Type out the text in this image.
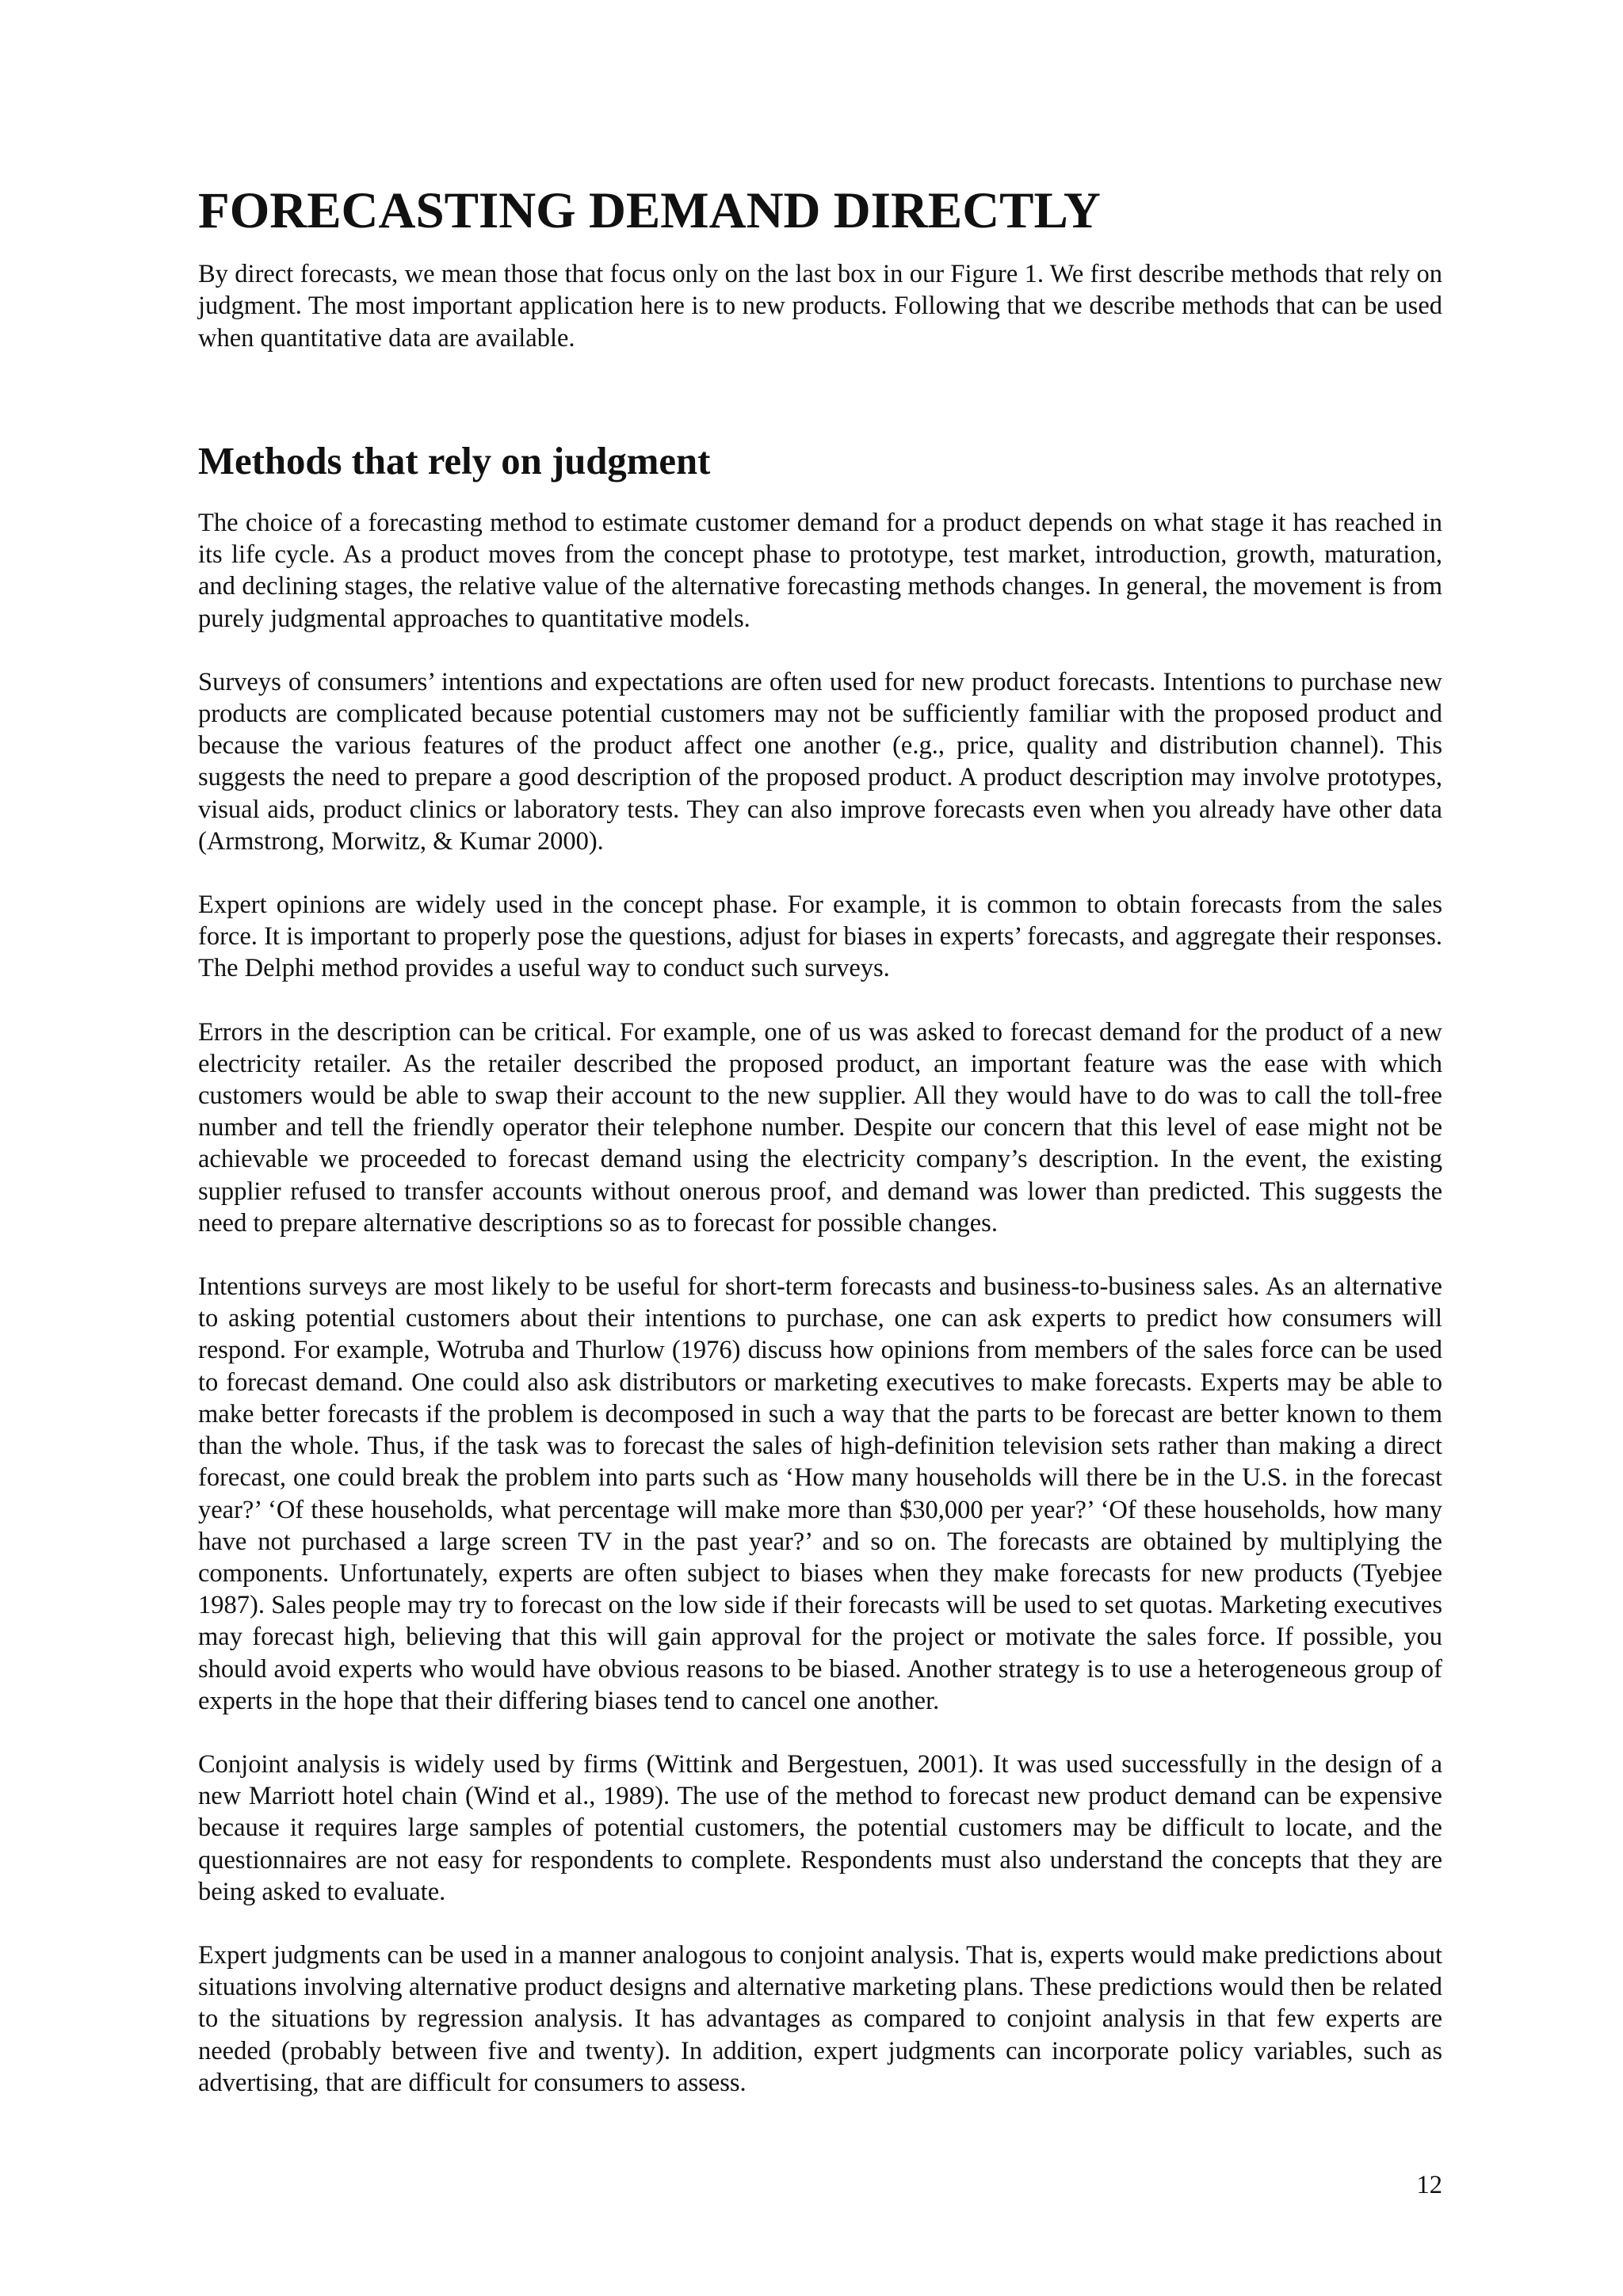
FORECASTING DEMAND DIRECTLY

By direct forecasts, we mean those that focus only on the last box in our Figure 1. We first describe methods that rely on judgment. The most important application here is to new products. Following that we describe methods that can be used when quantitative data are available.

Methods that rely on judgment

The choice of a forecasting method to estimate customer demand for a product depends on what stage it has reached in its life cycle. As a product moves from the concept phase to prototype, test market, introduction, growth, maturation, and declining stages, the relative value of the alternative forecasting methods changes. In general, the movement is from purely judgmental approaches to quantitative models.

Surveys of consumers’ intentions and expectations are often used for new product forecasts. Intentions to purchase new products are complicated because potential customers may not be sufficiently familiar with the proposed product and because the various features of the product affect one another (e.g., price, quality and distribution channel). This suggests the need to prepare a good description of the proposed product. A product description may involve prototypes, visual aids, product clinics or laboratory tests. They can also improve forecasts even when you already have other data (Armstrong, Morwitz, & Kumar 2000).

Expert opinions are widely used in the concept phase. For example, it is common to obtain forecasts from the sales force. It is important to properly pose the questions, adjust for biases in experts’ forecasts, and aggregate their responses. The Delphi method provides a useful way to conduct such surveys.

Errors in the description can be critical. For example, one of us was asked to forecast demand for the product of a new electricity retailer. As the retailer described the proposed product, an important feature was the ease with which customers would be able to swap their account to the new supplier. All they would have to do was to call the toll-free number and tell the friendly operator their telephone number. Despite our concern that this level of ease might not be achievable we proceeded to forecast demand using the electricity company’s description. In the event, the existing supplier refused to transfer accounts without onerous proof, and demand was lower than predicted. This suggests the need to prepare alternative descriptions so as to forecast for possible changes.

Intentions surveys are most likely to be useful for short-term forecasts and business-to-business sales. As an alternative to asking potential customers about their intentions to purchase, one can ask experts to predict how consumers will respond. For example, Wotruba and Thurlow (1976) discuss how opinions from members of the sales force can be used to forecast demand. One could also ask distributors or marketing executives to make forecasts. Experts may be able to make better forecasts if the problem is decomposed in such a way that the parts to be forecast are better known to them than the whole. Thus, if the task was to forecast the sales of high-definition television sets rather than making a direct forecast, one could break the problem into parts such as ‘How many households will there be in the U.S. in the forecast year?’ ‘Of these households, what percentage will make more than $30,000 per year?’ ‘Of these households, how many have not purchased a large screen TV in the past year?’ and so on. The forecasts are obtained by multiplying the components. Unfortunately, experts are often subject to biases when they make forecasts for new products (Tyebjee 1987). Sales people may try to forecast on the low side if their forecasts will be used to set quotas. Marketing executives may forecast high, believing that this will gain approval for the project or motivate the sales force. If possible, you should avoid experts who would have obvious reasons to be biased. Another strategy is to use a heterogeneous group of experts in the hope that their differing biases tend to cancel one another.

Conjoint analysis is widely used by firms (Wittink and Bergestuen, 2001). It was used successfully in the design of a new Marriott hotel chain (Wind et al., 1989). The use of the method to forecast new product demand can be expensive because it requires large samples of potential customers, the potential customers may be difficult to locate, and the questionnaires are not easy for respondents to complete. Respondents must also understand the concepts that they are being asked to evaluate.

Expert judgments can be used in a manner analogous to conjoint analysis. That is, experts would make predictions about situations involving alternative product designs and alternative marketing plans. These predictions would then be related to the situations by regression analysis. It has advantages as compared to conjoint analysis in that few experts are needed (probably between five and twenty). In addition, expert judgments can incorporate policy variables, such as advertising, that are difficult for consumers to assess.

12
